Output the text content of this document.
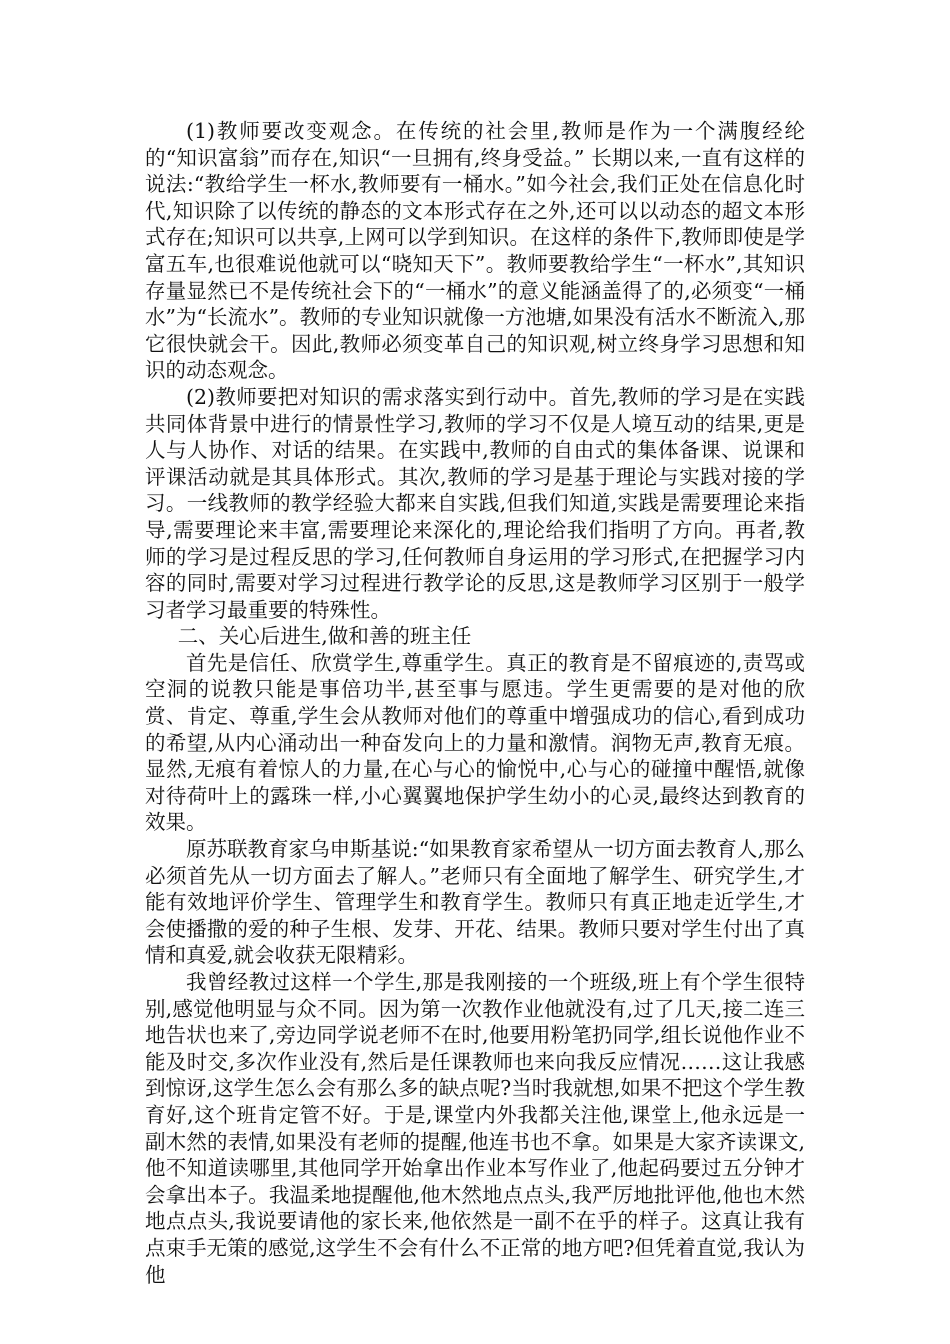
(1)教师要改变观念。在传统的社会里,教师是作为一个满腹经纶的“知识富翁”而存在,知识“一旦拥有,终身受益。” 长期以来,一直有这样的说法:“教给学生一杯水,教师要有一桶水。”如今社会,我们正处在信息化时代,知识除了以传统的静态的文本形式存在之外,还可以以动态的超文本形式存在;知识可以共享,上网可以学到知识。在这样的条件下,教师即使是学富五车,也很难说他就可以“晓知天下”。教师要教给学生“一杯水”,其知识存量显然已不是传统社会下的“一桶水”的意义能涵盖得了的,必须变“一桶水”为“长流水”。教师的专业知识就像一方池塘,如果没有活水不断流入,那它很快就会干。因此,教师必须变革自己的知识观,树立终身学习思想和知识的动态观念。

(2)教师要把对知识的需求落实到行动中。首先,教师的学习是在实践共同体背景中进行的情景性学习,教师的学习不仅是人境互动的结果,更是人与人协作、对话的结果。在实践中,教师的自由式的集体备课、说课和评课活动就是其具体形式。其次,教师的学习是基于理论与实践对接的学习。一线教师的教学经验大都来自实践,但我们知道,实践是需要理论来指导,需要理论来丰富,需要理论来深化的,理论给我们指明了方向。再者,教师的学习是过程反思的学习,任何教师自身运用的学习形式,在把握学习内容的同时,需要对学习过程进行教学论的反思,这是教师学习区别于一般学习者学习最重要的特殊性。

二、关心后进生,做和善的班主任

首先是信任、欣赏学生,尊重学生。真正的教育是不留痕迹的,责骂或空洞的说教只能是事倍功半,甚至事与愿违。学生更需要的是对他的欣赏、肯定、尊重,学生会从教师对他们的尊重中增强成功的信心,看到成功的希望,从内心涌动出一种奋发向上的力量和激情。润物无声,教育无痕。显然,无痕有着惊人的力量,在心与心的愉悦中,心与心的碰撞中醒悟,就像对待荷叶上的露珠一样,小心翼翼地保护学生幼小的心灵,最终达到教育的效果。

原苏联教育家乌申斯基说:“如果教育家希望从一切方面去教育人,那么必须首先从一切方面去了解人。”老师只有全面地了解学生、研究学生,才能有效地评价学生、管理学生和教育学生。教师只有真正地走近学生,才会使播撒的爱的种子生根、发芽、开花、结果。教师只要对学生付出了真情和真爱,就会收获无限精彩。

我曾经教过这样一个学生,那是我刚接的一个班级,班上有个学生很特别,感觉他明显与众不同。因为第一次教作业他就没有,过了几天,接二连三地告状也来了,旁边同学说老师不在时,他要用粉笔扔同学,组长说他作业不能及时交,多次作业没有,然后是任课教师也来向我反应情况……这让我感到惊讶,这学生怎么会有那么多的缺点呢?当时我就想,如果不把这个学生教育好,这个班肯定管不好。于是,课堂内外我都关注他,课堂上,他永远是一副木然的表情,如果没有老师的提醒,他连书也不拿。如果是大家齐读课文,他不知道读哪里,其他同学开始拿出作业本写作业了,他起码要过五分钟才会拿出本子。我温柔地提醒他,他木然地点点头,我严厉地批评他,他也木然地点点头,我说要请他的家长来,他依然是一副不在乎的样子。这真让我有点束手无策的感觉,这学生不会有什么不正常的地方吧?但凭着直觉,我认为他
